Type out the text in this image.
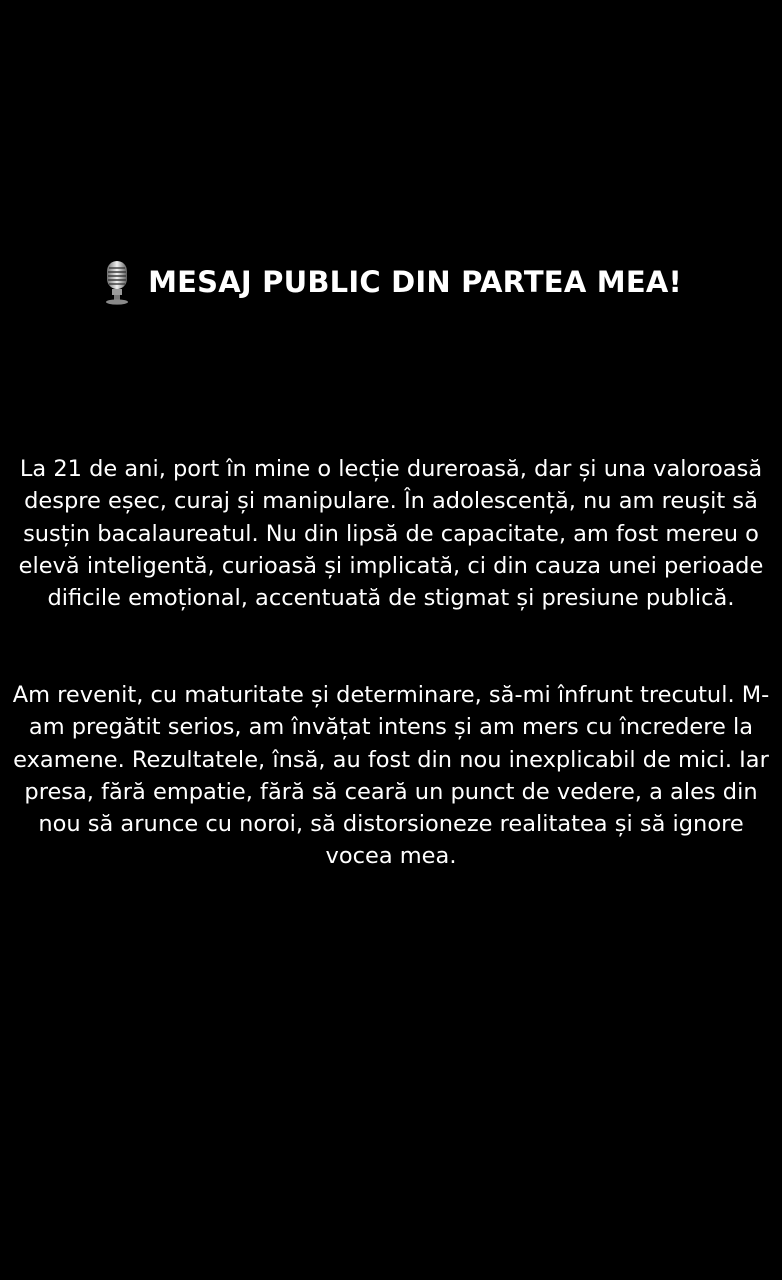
MESAJ PUBLIC DIN PARTEA MEA!

La 21 de ani, port în mine o lecție dureroasă, dar și una valoroasă despre eșec, curaj și manipulare. În adolescență, nu am reușit să susțin bacalaureatul. Nu din lipsă de capacitate, am fost mereu o elevă inteligentă, curioasă și implicată, ci din cauza unei perioade dificile emoțional, accentuată de stigmat și presiune publică.

Am revenit, cu maturitate și determinare, să-mi înfrunt trecutul. M-am pregătit serios, am învățat intens și am mers cu încredere la examene. Rezultatele, însă, au fost din nou inexplicabil de mici. Iar presa, fără empatie, fără să ceară un punct de vedere, a ales din nou să arunce cu noroi, să distorsioneze realitatea și să ignore vocea mea.
